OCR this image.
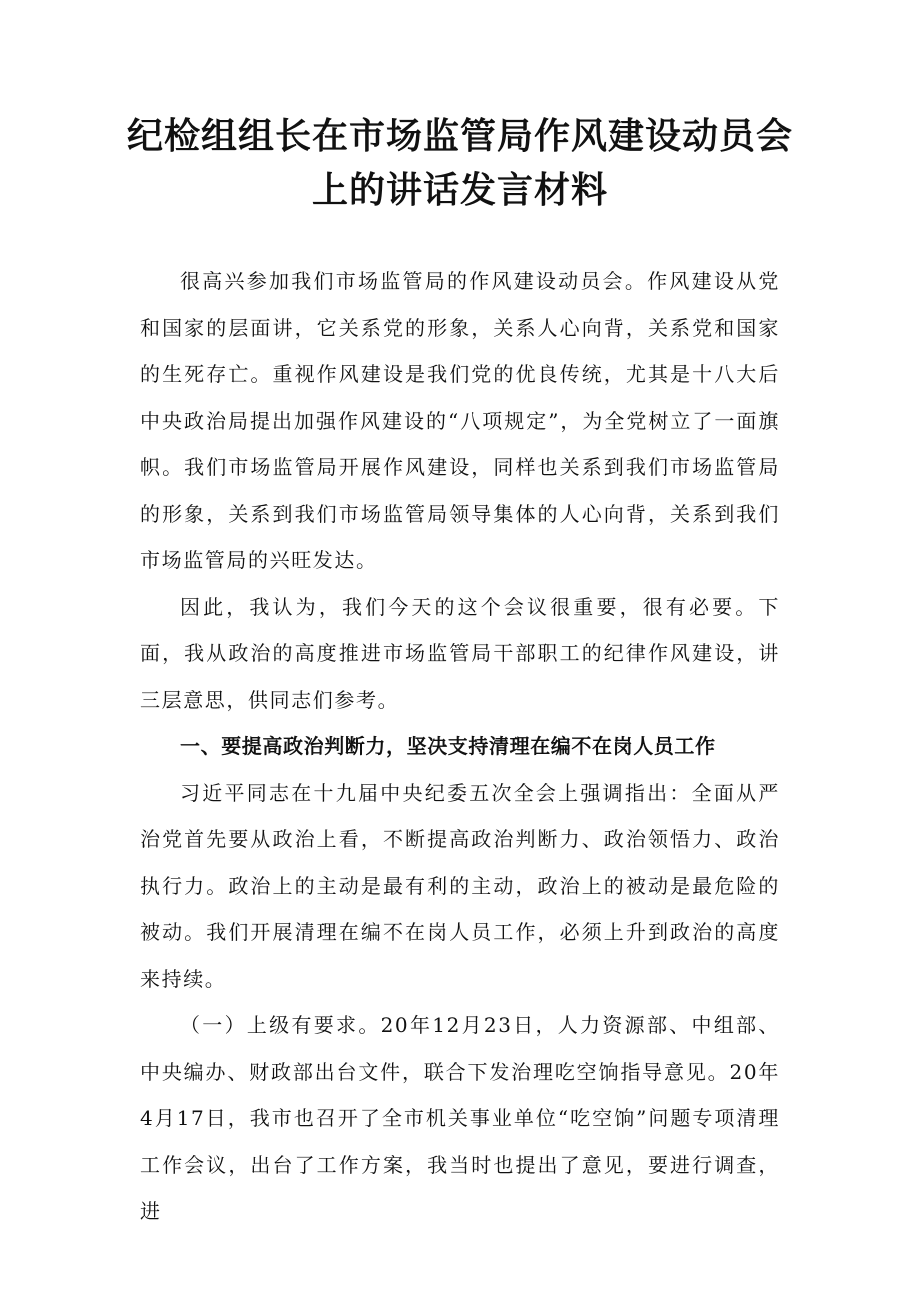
纪检组组长在市场监管局作风建设动员会
上的讲话发言材料

很高兴参加我们市场监管局的作风建设动员会。作风建设从党和国家的层面讲，它关系党的形象，关系人心向背，关系党和国家的生死存亡。重视作风建设是我们党的优良传统，尤其是十八大后中央政治局提出加强作风建设的“八项规定”，为全党树立了一面旗帜。我们市场监管局开展作风建设，同样也关系到我们市场监管局的形象，关系到我们市场监管局领导集体的人心向背，关系到我们市场监管局的兴旺发达。

因此，我认为，我们今天的这个会议很重要，很有必要。下面，我从政治的高度推进市场监管局干部职工的纪律作风建设，讲三层意思，供同志们参考。

一、要提高政治判断力，坚决支持清理在编不在岗人员工作

习近平同志在十九届中央纪委五次全会上强调指出：全面从严治党首先要从政治上看，不断提高政治判断力、政治领悟力、政治执行力。政治上的主动是最有利的主动，政治上的被动是最危险的被动。我们开展清理在编不在岗人员工作，必须上升到政治的高度来持续。

（一）上级有要求。20年12月23日，人力资源部、中组部、中央编办、财政部出台文件，联合下发治理吃空饷指导意见。20年4月17日，我市也召开了全市机关事业单位“吃空饷”问题专项清理工作会议，出台了工作方案，我当时也提出了意见，要进行调查，进
